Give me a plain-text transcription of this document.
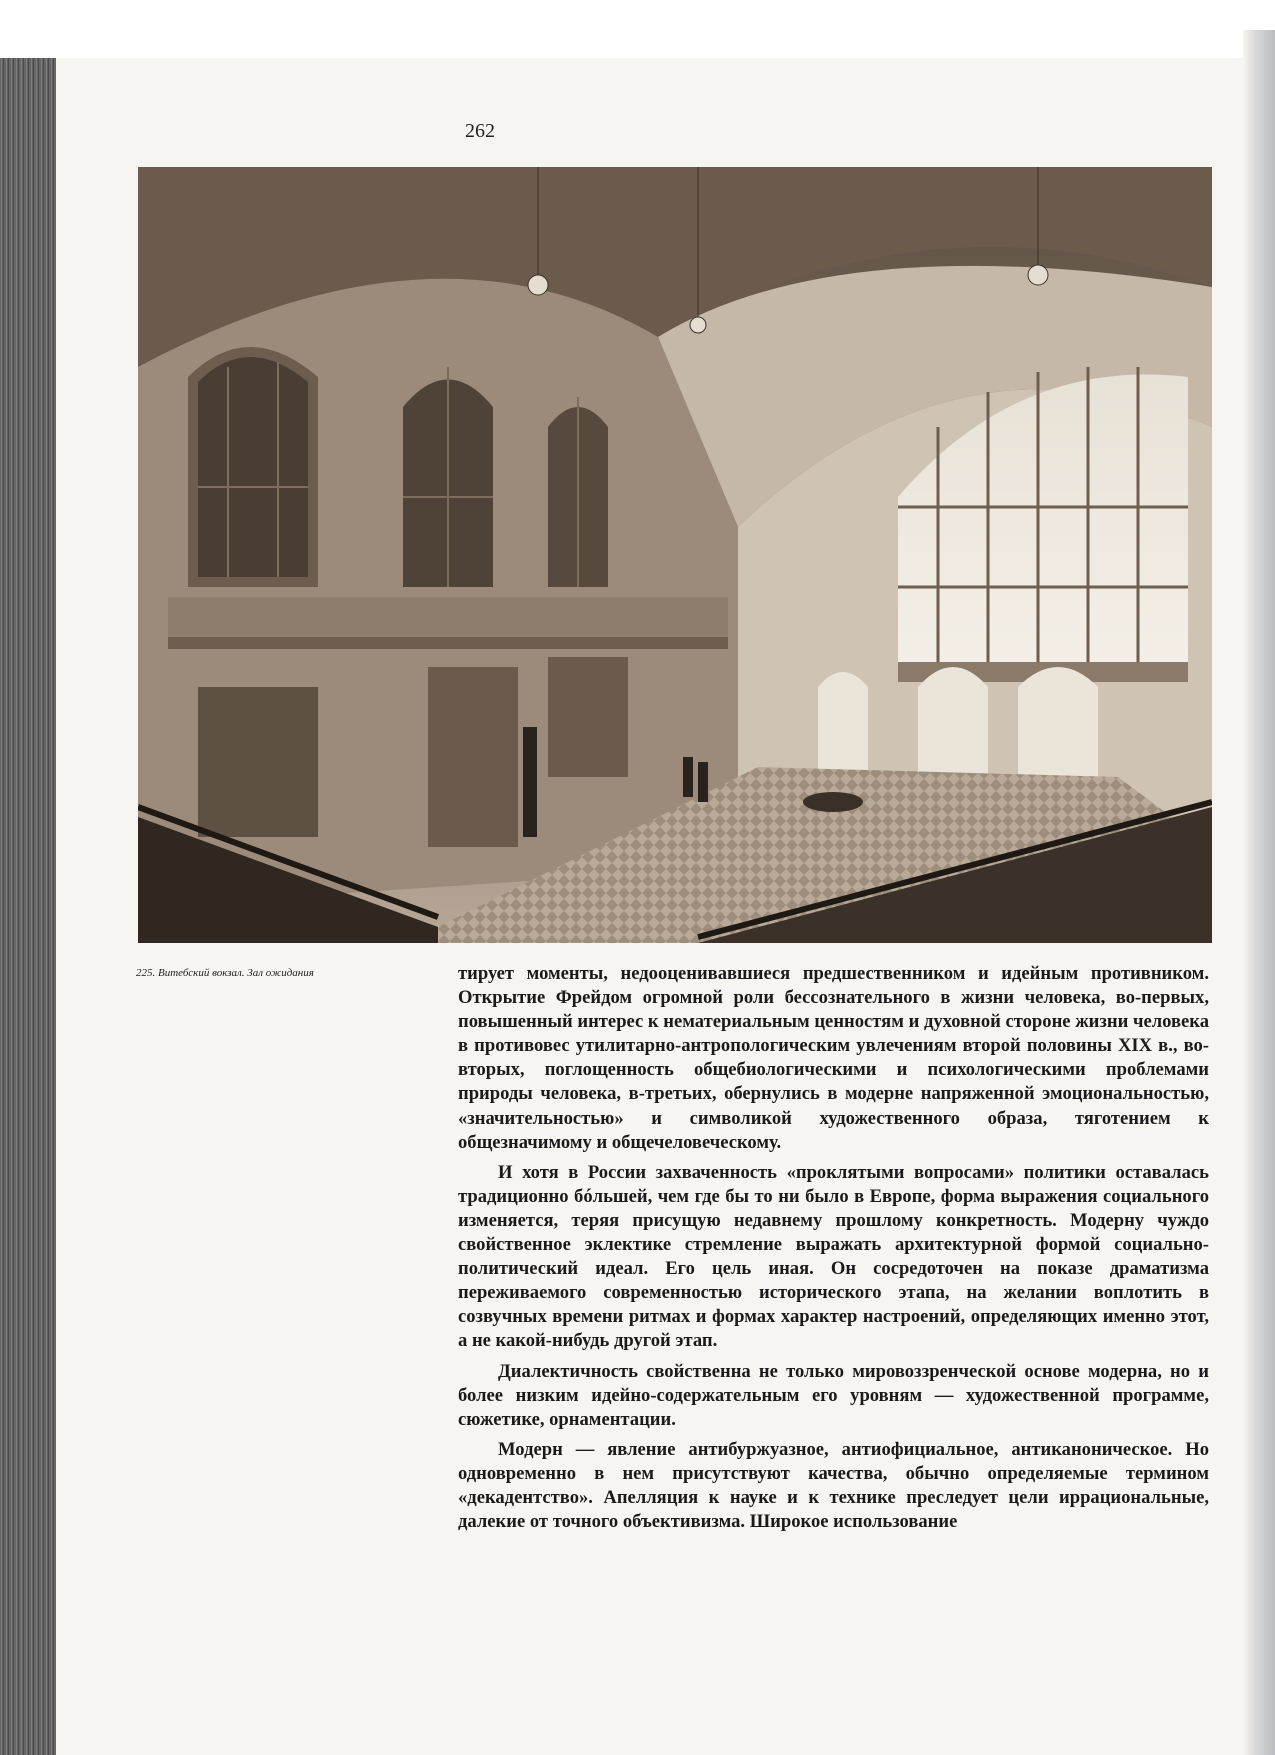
262
225. Витебский вокзал. Зал ожидания	тирует моменты, недооценивавшиеся предшественником и идейным противником. Открытие Фрейдом огромной роли бессознательного в жизни человека, во-первых, повышенный интерес к нематериальным ценностям и духовной стороне жизни человека в противовес утилитарно-антропологическим увлечениям второй половины XIX в., во-вторых, поглощенность общебиологическими и психологическими проблемами природы человека, в-третьих, обернулись в модерне напряженной эмоциональностью, «значительностью» и символикой художественного образа, тяготением к общезначимому и общечеловеческому.

И хотя в России захваченность «проклятыми вопросами» политики оставалась традиционно бóльшей, чем где бы то ни было в Европе, форма выражения социального изменяется, теряя присущую недавнему прошлому конкретность. Модерну чуждо свойственное эклектике стремление выражать архитектурной формой социально-политический идеал. Его цель иная. Он сосредоточен на показе драматизма переживаемого современностью исторического этапа, на желании воплотить в созвучных времени ритмах и формах характер настроений, определяющих именно этот, а не какой-нибудь другой этап.

Диалектичность свойственна не только мировоззренческой основе модерна, но и более низким идейно-содержательным его уровням — художественной программе, сюжетике, орнаментации.

Модерн — явление антибуржуазное, антиофициальное, антиканоническое. Но одновременно в нем присутствуют качества, обычно определяемые термином «декадентство». Апелляция к науке и к технике преследует цели иррациональные, далекие от точного объективизма. Широкое использование
